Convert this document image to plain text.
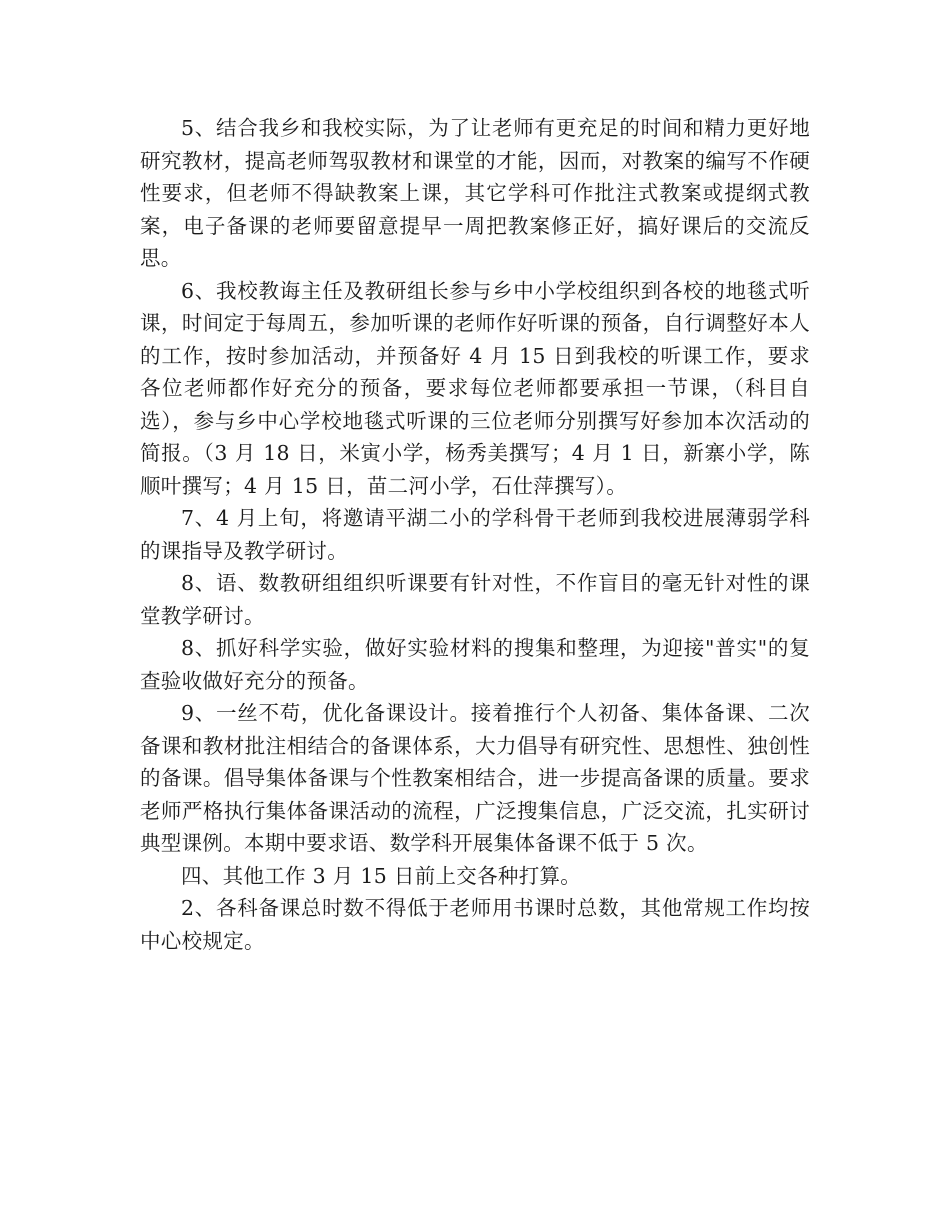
5、结合我乡和我校实际，为了让老师有更充足的时间和精力更好地研究教材，提高老师驾驭教材和课堂的才能，因而，对教案的编写不作硬性要求，但老师不得缺教案上课，其它学科可作批注式教案或提纲式教案，电子备课的老师要留意提早一周把教案修正好，搞好课后的交流反思。

6、我校教诲主任及教研组长参与乡中小学校组织到各校的地毯式听课，时间定于每周五，参加听课的老师作好听课的预备，自行调整好本人的工作，按时参加活动，并预备好 4 月 15 日到我校的听课工作，要求各位老师都作好充分的预备，要求每位老师都要承担一节课，（科目自选），参与乡中心学校地毯式听课的三位老师分别撰写好参加本次活动的简报。（3 月 18 日，米寅小学，杨秀美撰写；4 月 1 日，新寨小学，陈顺叶撰写；4 月 15 日，苗二河小学，石仕萍撰写）。

7、4 月上旬，将邀请平湖二小的学科骨干老师到我校进展薄弱学科的课指导及教学研讨。

8、语、数教研组组织听课要有针对性，不作盲目的毫无针对性的课堂教学研讨。

8、抓好科学实验，做好实验材料的搜集和整理，为迎接"普实"的复查验收做好充分的预备。

9、一丝不苟，优化备课设计。接着推行个人初备、集体备课、二次备课和教材批注相结合的备课体系，大力倡导有研究性、思想性、独创性的备课。倡导集体备课与个性教案相结合，进一步提高备课的质量。要求老师严格执行集体备课活动的流程，广泛搜集信息，广泛交流，扎实研讨典型课例。本期中要求语、数学科开展集体备课不低于 5 次。

四、其他工作 3 月 15 日前上交各种打算。

2、各科备课总时数不得低于老师用书课时总数，其他常规工作均按中心校规定。
